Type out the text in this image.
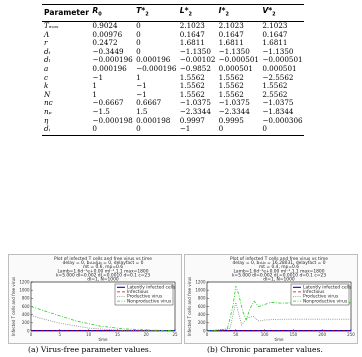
Parameter	$R_0$	$T*_2$	$L*_2$	$I*_2$	$V*_2$
Tₘₐₓ	0.9024	0	2.1023	2.1023	2.1023
Λ	0.00976	0	0.1647	0.1647	0.1647
r	0.2472	0	1.6811	1.6811	1.6811
dₜ	−0.3449	0	−1.1350	−1.1350	−1.1350
dₗ	−0.000196	0.000196	−0.00102	−0.000501	−0.000501
a	0.000196	−0.000196	−0.9852	0.000501	0.000501
c	−1	1	1.5562	1.5562	−2.5562
k	1	−1	1.5562	1.5562	1.5562
N	1	−1	1.5562	1.5562	2.5562
nᴄ	−0.6667	0.6667	−1.0375	−1.0375	−1.0375
nₚ	−1.5	1.5	−2.3344	−2.3344	−1.8344
η	−0.000198	0.000198	0.9997	0.9995	−0.000306
dᵢ	0	0	−1	0	0
Plot of infected T cells and free virus vs time
delay = 0, b₁u₀/μ₀ = 0, delayfact = 0
mt = 0.6, mp=0.6
Lamb=1.6d⁻¹e+0.00 ml⁻¹,1.1 max=1800
k=5.000 dl=0.002 dL=0.0010 d=0.1 c=23
dl=1, N=1000
0
200
400
600
800
1000
1200
0	5	10	15	20	25
time
Infected T cells and free virus	Latently infected cells
Infectious
Productive virus
Nonproductive virus
Plot of infected T cells and free virus vs time
delay = 0, b₁u₀ = 16.28031, delayfact = 0
mt = 0.4, mp=0.6
Lamb=1.6d⁻¹e+0.00 ml⁻¹,1.1 max=1800
k=5.000 dl=0.002 dL=0.0010 d=0.1 c=23
dl=1, N=1000
0
200
400
600
800
1000
1200
0	50	100	150	200	250
time
Infected T cells and free virus	Latently infected cells
Infectious
Productive virus
Nonproductive virus
(a) Virus-free parameter values.	(b) Chronic parameter values.
